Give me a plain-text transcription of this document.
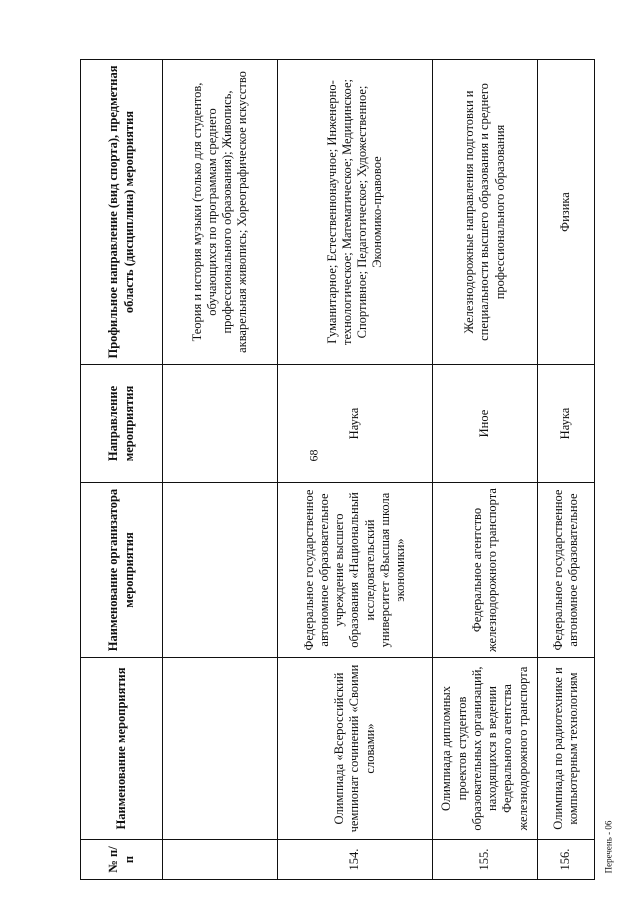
68
Перечень - 06
№ п/п	Наименование мероприятия	Наименование организатора мероприятия	Направление мероприятия	Профильное направление (вид спорта), предметная область (дисциплина) мероприятия
				Теория и история музыки (только для студентов, обучающихся по программам среднего профессионального образования); Живопись, акварельная живопись; Хореографическое искусство
154.	Олимпиада «Всероссийский чемпионат сочинений «Своими словами»	Федеральное государственное автономное образовательное учреждение высшего образования «Национальный исследовательский университет «Высшая школа экономики»	Наука	Гуманитарное; Естественнонаучное; Инженерно-технологическое; Математическое; Медицинское; Спортивное; Педагогическое; Художественное; Экономико-правовое
155.	Олимпиада дипломных проектов студентов образовательных организаций, находящихся в ведении Федерального агентства железнодорожного транспорта	Федеральное агентство железнодорожного транспорта	Иное	Железнодорожные направления подготовки и специальности высшего образования и среднего профессионального образования
156.	Олимпиада по радиотехнике и компьютерным технологиям	Федеральное государственное автономное образовательное	Наука	Физика
